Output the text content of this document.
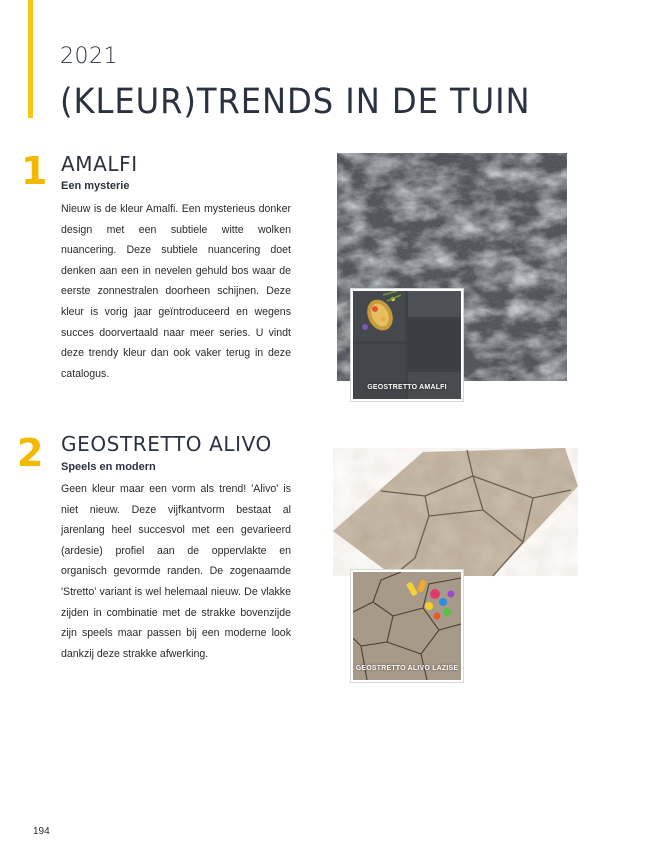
2021
(KLEUR)TRENDS IN DE TUIN
1 AMALFI
Een mysterie

Nieuw is de kleur Amalfi. Een mysterieus donker design met een subtiele witte wolken nuancering. Deze subtiele nuancering doet denken aan een in nevelen gehuld bos waar de eerste zonnestralen doorheen schijnen. Deze kleur is vorig jaar geïntroduceerd en wegens succes doorvertaald naar meer series. U vindt deze trendy kleur dan ook vaker terug in deze catalogus.

GEOSTRETTO AMALFI
2 GEOSTRETTO ALIVO
Speels en modern

Geen kleur maar een vorm als trend! 'Alivo' is niet nieuw. Deze vijfkantvorm bestaat al jarenlang heel succesvol met een gevarieerd (ardesie) profiel aan de oppervlakte en organisch gevormde randen. De zogenaamde 'Stretto' variant is wel helemaal nieuw. De vlakke zijden in combinatie met de strakke bovenzijde zijn speels maar passen bij een moderne look dankzij deze strakke afwerking.

GEOSTRETTO ALIVO LAZISE
194
